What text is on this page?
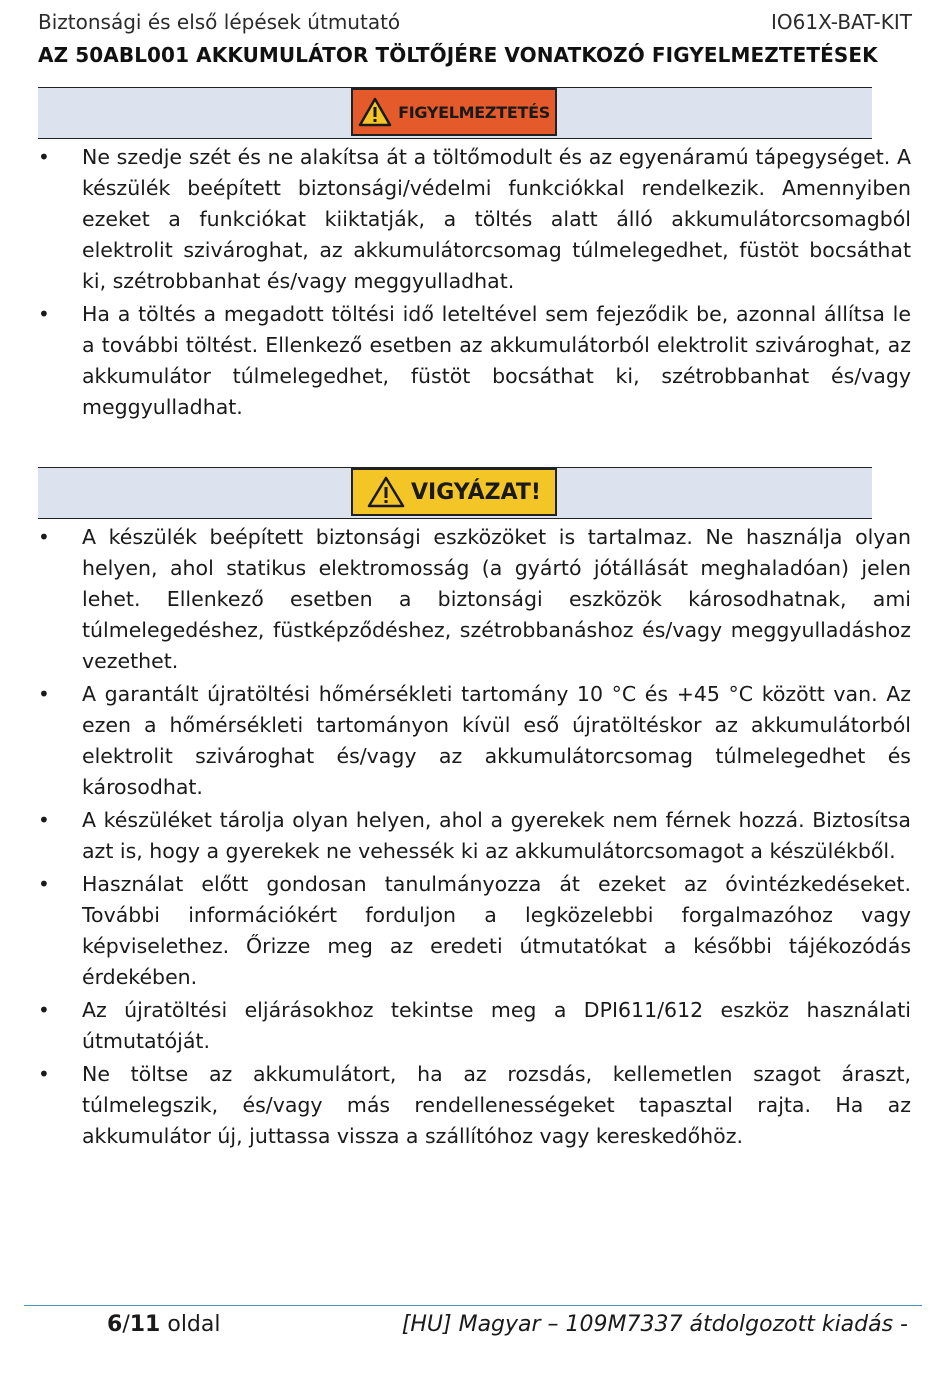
Biztonsági és első lépések útmutató	IO61X-BAT-KIT
AZ 50ABL001 AKKUMULÁTOR TÖLTŐJÉRE VONATKOZÓ FIGYELMEZTETÉSEK
FIGYELMEZTETÉS
• Ne szedje szét és ne alakítsa át a töltőmodult és az egyenáramú tápegységet. A készülék beépített biztonsági/védelmi funkciókkal rendelkezik. Amennyiben ezeket a funkciókat kiiktatják, a töltés alatt álló akkumulátorcsomagból elektrolit szivároghat, az akkumulátorcsomag túlmelegedhet, füstöt bocsáthat ki, szétrobbanhat és/vagy meggyulladhat.
• Ha a töltés a megadott töltési idő leteltével sem fejeződik be, azonnal állítsa le a további töltést. Ellenkező esetben az akkumulátorból elektrolit szivároghat, az akkumulátor túlmelegedhet, füstöt bocsáthat ki, szétrobbanhat és/vagy meggyulladhat.
VIGYÁZAT!
• A készülék beépített biztonsági eszközöket is tartalmaz. Ne használja olyan helyen, ahol statikus elektromosság (a gyártó jótállását meghaladóan) jelen lehet. Ellenkező esetben a biztonsági eszközök károsodhatnak, ami túlmelegedéshez, füstképződéshez, szétrobbanáshoz és/vagy meggyulladáshoz vezethet.
• A garantált újratöltési hőmérsékleti tartomány 10 °C és +45 °C között van. Az ezen a hőmérsékleti tartományon kívül eső újratöltéskor az akkumulátorból elektrolit szivároghat és/vagy az akkumulátorcsomag túlmelegedhet és károsodhat.
• A készüléket tárolja olyan helyen, ahol a gyerekek nem férnek hozzá. Biztosítsa azt is, hogy a gyerekek ne vehessék ki az akkumulátorcsomagot a készülékből.
• Használat előtt gondosan tanulmányozza át ezeket az óvintézkedéseket. További információkért forduljon a legközelebbi forgalmazóhoz vagy képviselethez. Őrizze meg az eredeti útmutatókat a későbbi tájékozódás érdekében.
• Az újratöltési eljárásokhoz tekintse meg a DPI611/612 eszköz használati útmutatóját.
• Ne töltse az akkumulátort, ha az rozsdás, kellemetlen szagot áraszt, túlmelegszik, és/vagy más rendellenességeket tapasztal rajta. Ha az akkumulátor új, juttassa vissza a szállítóhoz vagy kereskedőhöz.
6/11 oldal	[HU] Magyar – 109M7337 átdolgozott kiadás -
